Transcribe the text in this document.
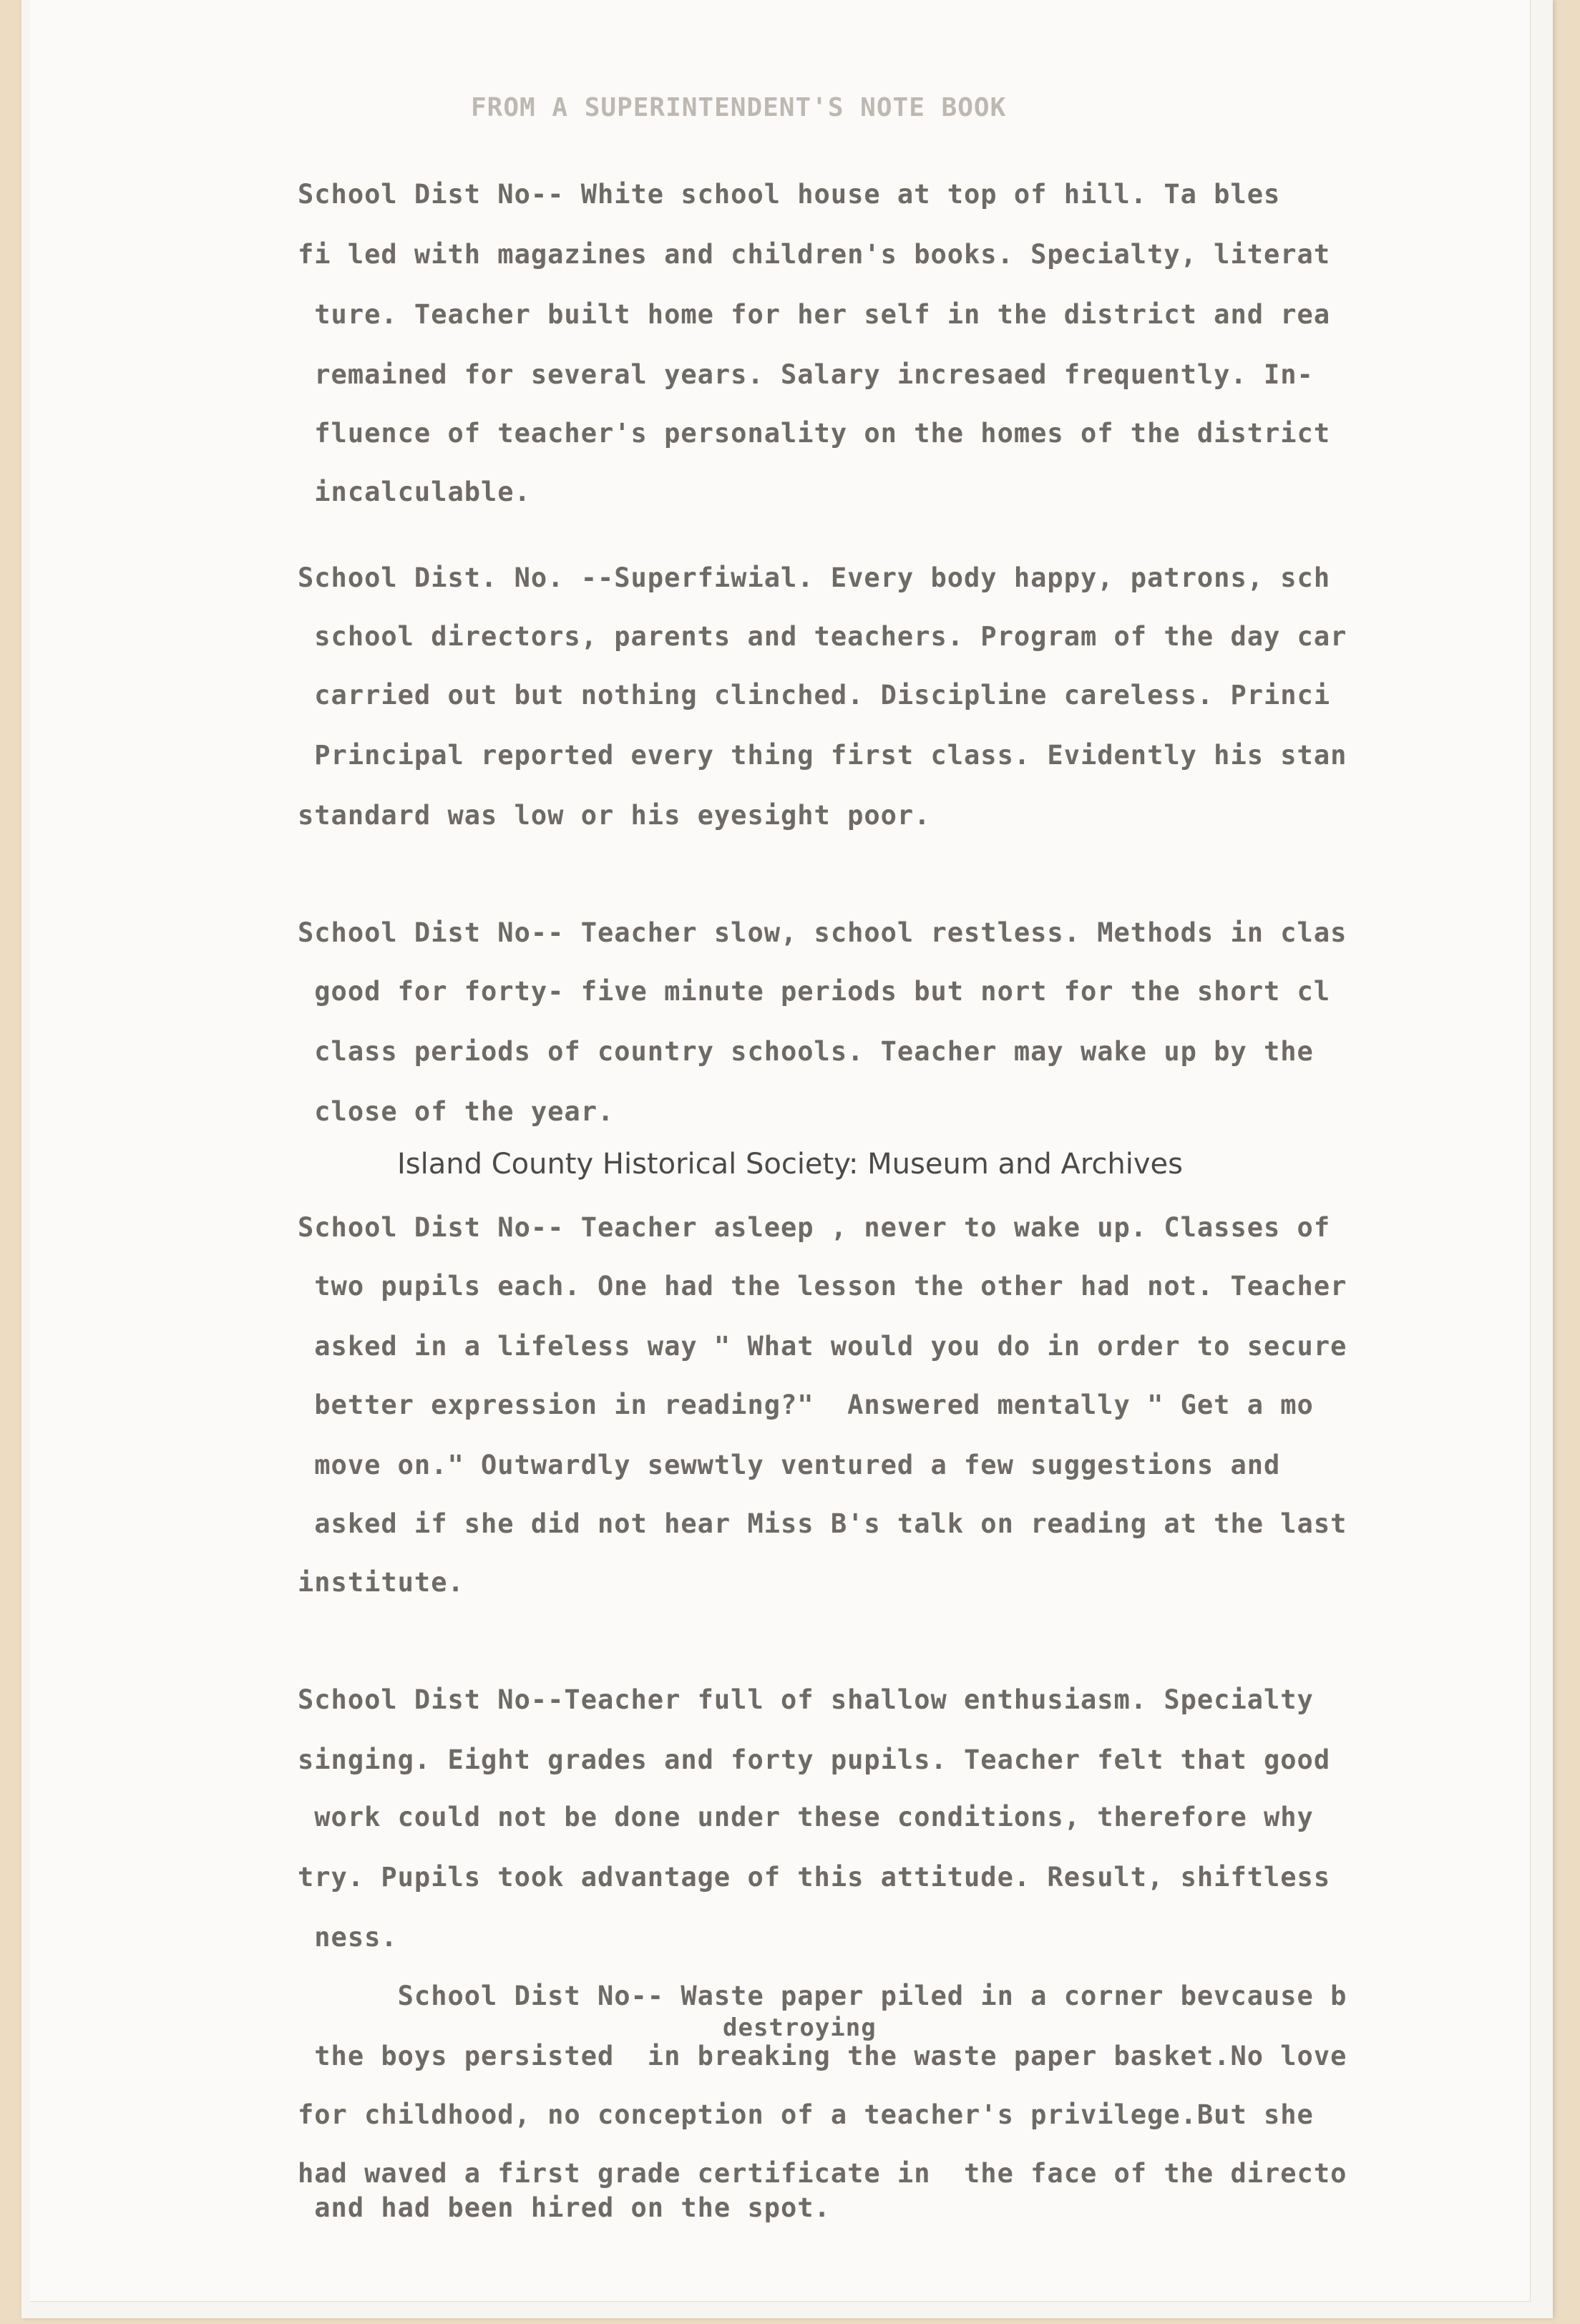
FROM A SUPERINTENDENT'S NOTE BOOK
School Dist No-- White school house at top of hill. Ta bles
fi led with magazines and children's books. Specialty, literat
ture. Teacher built home for her self in the district and rea
remained for several years. Salary incresaed frequently. In-
fluence of teacher's personality on the homes of the district
incalculable.
School Dist. No. --Superfiwial. Every body happy, patrons, sch
school directors, parents and teachers. Program of the day car
carried out but nothing clinched. Discipline careless. Princi
Principal reported every thing first class. Evidently his stan
standard was low or his eyesight poor.
School Dist No-- Teacher slow, school restless. Methods in clas
good for forty- five minute periods but nort for the short cl
class periods of country schools. Teacher may wake up by the
close of the year.
Island County Historical Society: Museum and Archives
School Dist No-- Teacher asleep , never to wake up. Classes of
two pupils each. One had the lesson the other had not. Teacher
asked in a lifeless way " What would you do in order to secure
better expression in reading?"  Answered mentally " Get a mo
move on." Outwardly sewwtly ventured a few suggestions and
asked if she did not hear Miss B's talk on reading at the last
institute.
School Dist No--Teacher full of shallow enthusiasm. Specialty
singing. Eight grades and forty pupils. Teacher felt that good
work could not be done under these conditions, therefore why
try. Pupils took advantage of this attitude. Result, shiftless
ness.
School Dist No-- Waste paper piled in a corner bevcause b
destroying
the boys persisted  in breaking the waste paper basket.No love
for childhood, no conception of a teacher's privilege.But she
had waved a first grade certificate in  the face of the directo
and had been hired on the spot.
